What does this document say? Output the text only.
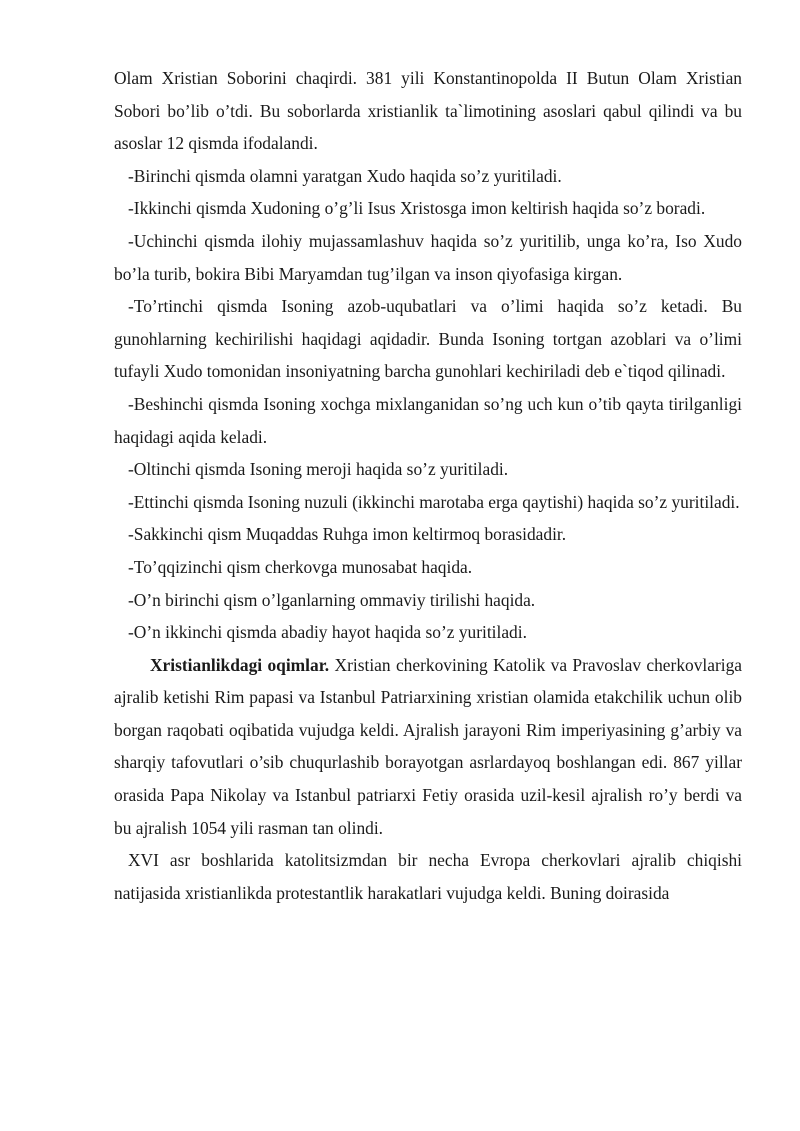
Olam Xristian Soborini chaqirdi. 381 yili Konstantinopolda II Butun Olam Xristian Sobori bo’lib o’tdi. Bu soborlarda xristianlik ta`limotining asoslari qabul qilindi va bu asoslar 12 qismda ifodalandi.

-Birinchi qismda olamni yaratgan Xudo haqida so’z yuritiladi.

-Ikkinchi qismda Xudoning o’g’li Isus Xristosga imon keltirish haqida so’z boradi.

-Uchinchi qismda ilohiy mujassamlashuv haqida so’z yuritilib, unga ko’ra, Iso Xudo bo’la turib, bokira Bibi Maryamdan tug’ilgan va inson qiyofasiga kirgan.

-To’rtinchi qismda Isoning azob-uqubatlari va o’limi haqida so’z ketadi. Bu gunohlarning kechirilishi haqidagi aqidadir. Bunda Isoning tortgan azoblari va o’limi tufayli Xudo tomonidan insoniyatning barcha gunohlari kechiriladi deb e`tiqod qilinadi.

-Beshinchi qismda Isoning xochga mixlanganidan so’ng uch kun o’tib qayta tirilganligi haqidagi aqida keladi.

-Oltinchi qismda Isoning meroji haqida so’z yuritiladi.

-Ettinchi qismda Isoning nuzuli (ikkinchi marotaba erga qaytishi) haqida so’z yuritiladi.

-Sakkinchi qism Muqaddas Ruhga imon keltirmoq borasidadir.

-To’qqizinchi qism cherkovga munosabat haqida.

-O’n birinchi qism o’lganlarning ommaviy tirilishi haqida.

-O’n ikkinchi qismda abadiy hayot haqida so’z yuritiladi.

Xristianlikdagi oqimlar. Xristian cherkovining Katolik va Pravoslav cherkovlariga ajralib ketishi Rim papasi va Istanbul Patriarxining xristian olamida etakchilik uchun olib borgan raqobati oqibatida vujudga keldi. Ajralish jarayoni Rim imperiyasining g’arbiy va sharqiy tafovutlari o’sib chuqurlashib borayotgan asrlardayoq boshlangan edi. 867 yillar orasida Papa Nikolay va Istanbul patriarxi Fetiy orasida uzil-kesil ajralish ro’y berdi va bu ajralish 1054 yili rasman tan olindi.

XVI asr boshlarida katolitsizmdan bir necha Evropa cherkovlari ajralib chiqishi natijasida xristianlikda protestantlik harakatlari vujudga keldi. Buning doirasida
